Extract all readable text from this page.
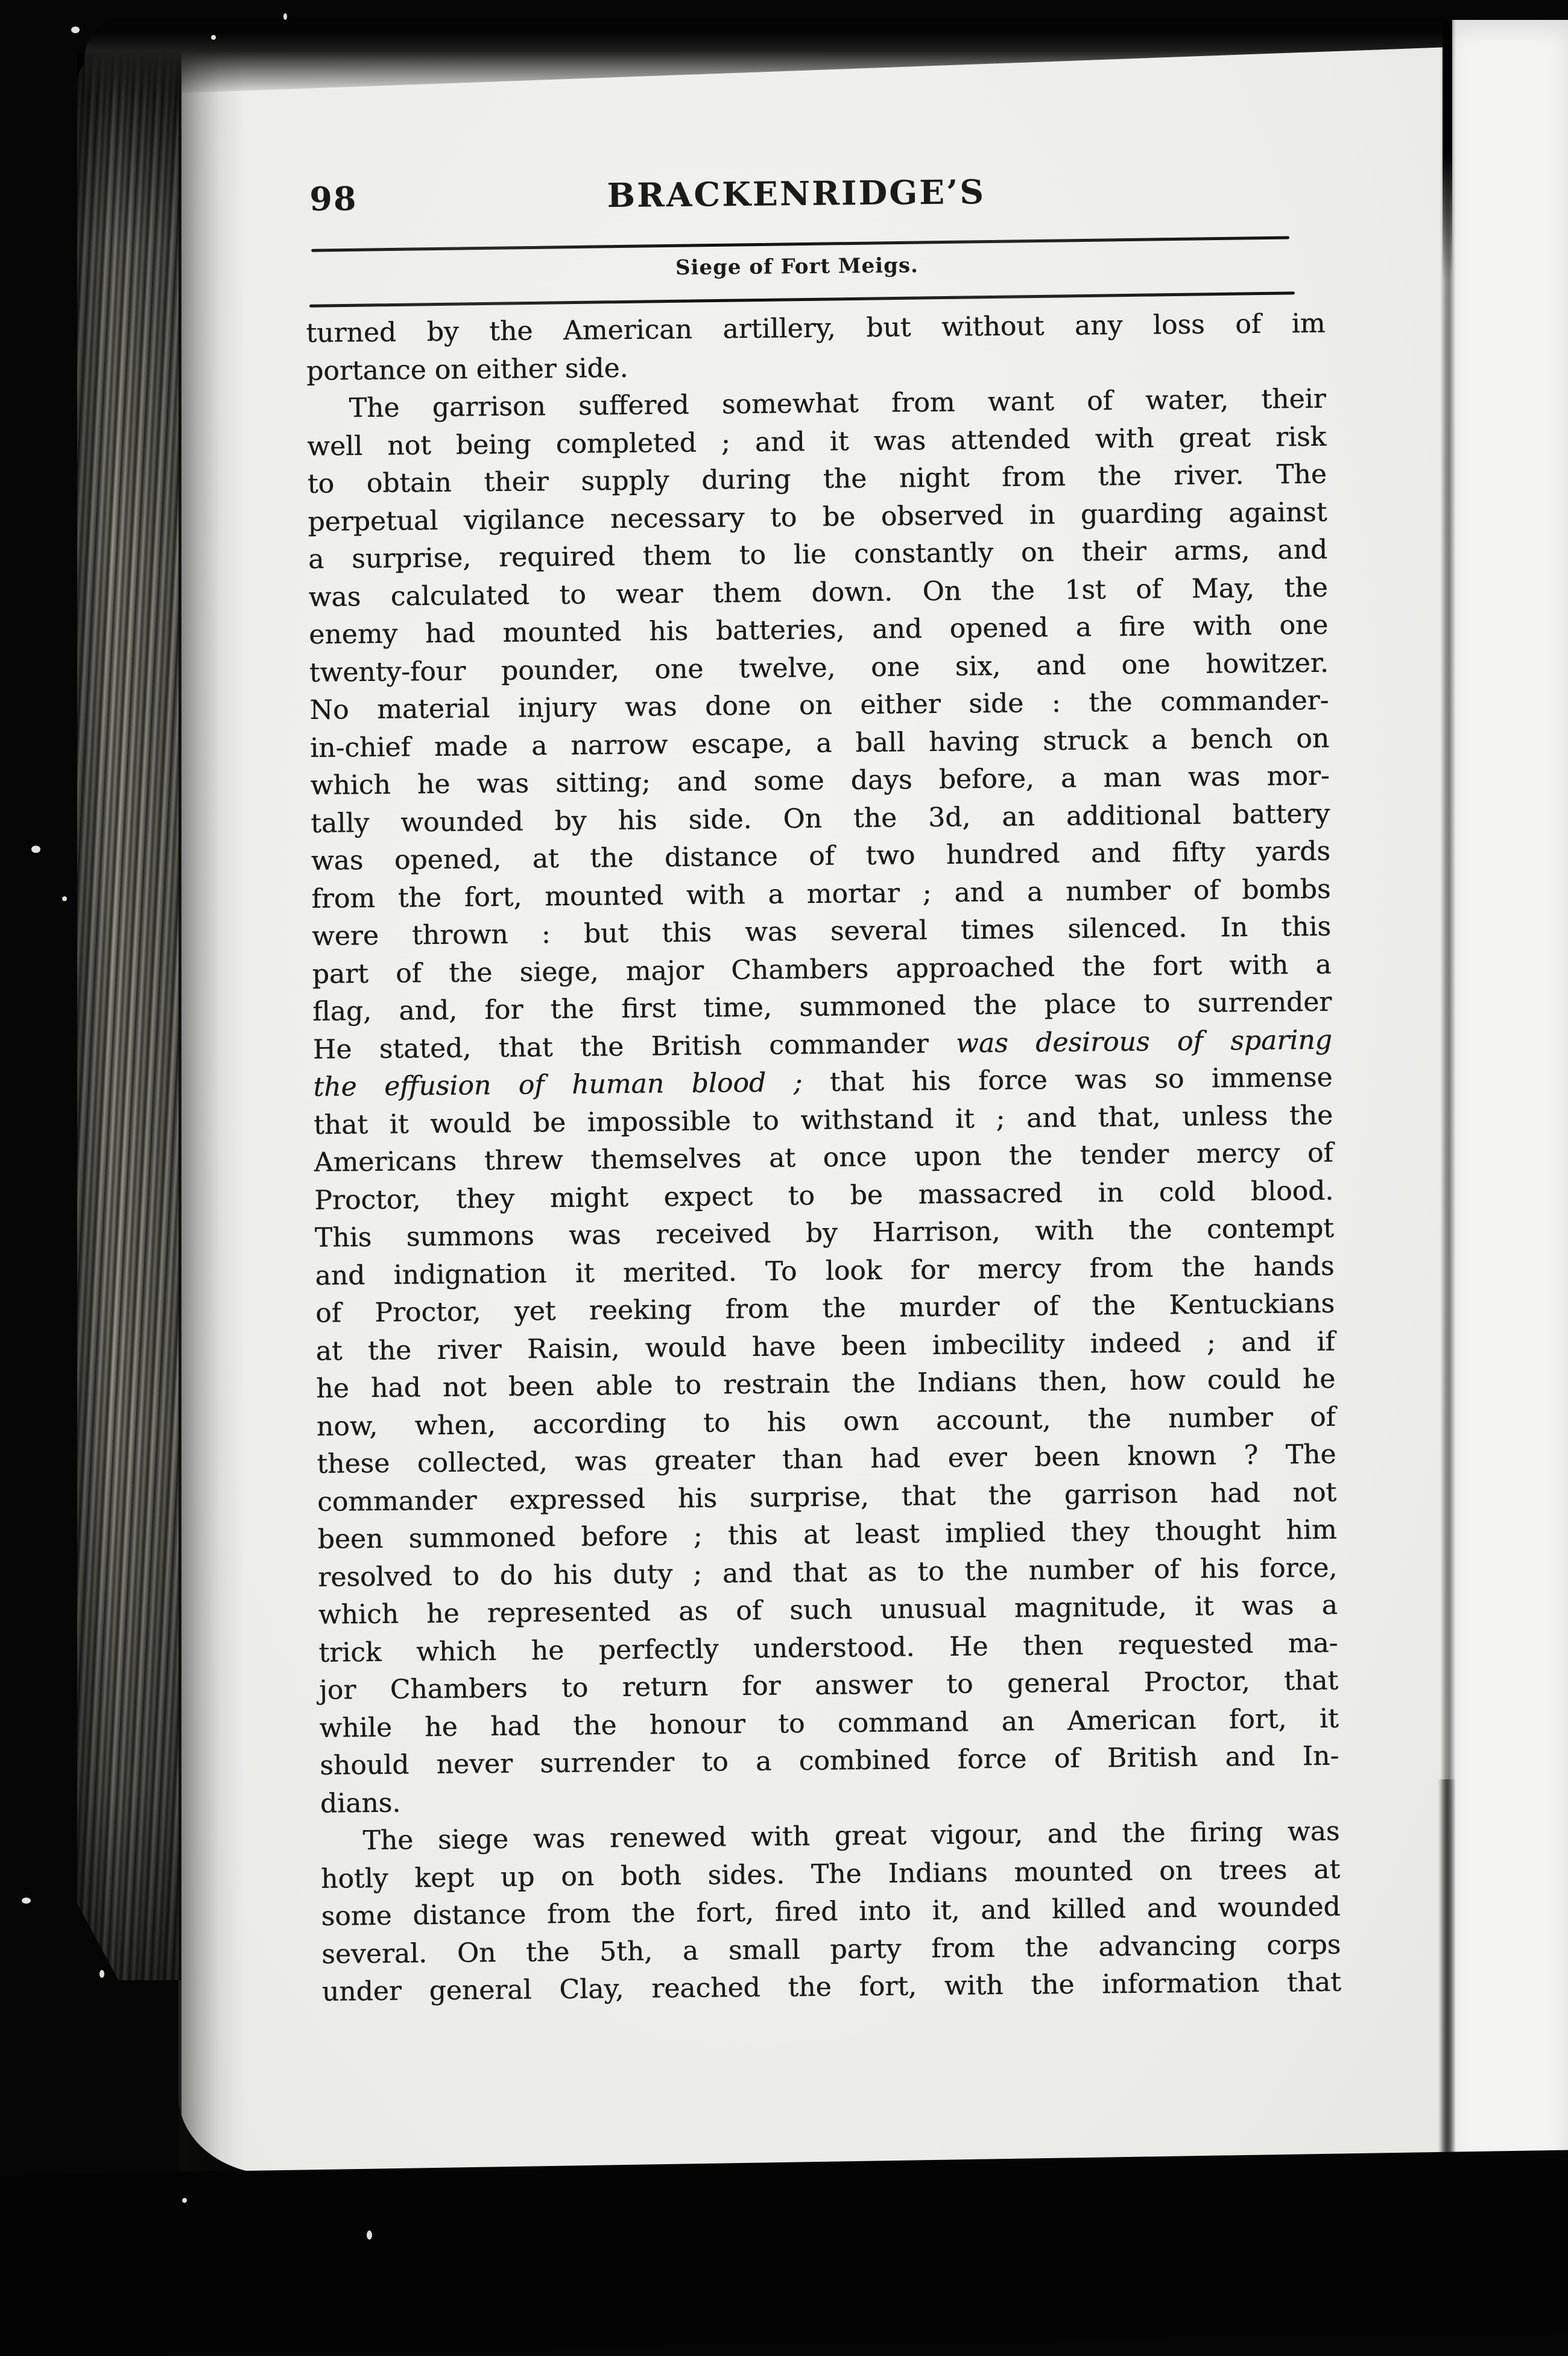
98	BRACKENRIDGE’S
Siege of Fort Meigs.
turned by the American artillery, but without any loss of im
portance on either side.
The garrison suffered somewhat from want of water, their
well not being completed ; and it was attended with great risk
to obtain their supply during the night from the river. The
perpetual vigilance necessary to be observed in guarding against
a surprise, required them to lie constantly on their arms, and
was calculated to wear them down. On the 1st of May, the
enemy had mounted his batteries, and opened a fire with one
twenty-four pounder, one twelve, one six, and one howitzer.
No material injury was done on either side : the commander-
in-chief made a narrow escape, a ball having struck a bench on
which he was sitting; and some days before, a man was mor-
tally wounded by his side. On the 3d, an additional battery
was opened, at the distance of two hundred and fifty yards
from the fort, mounted with a mortar ; and a number of bombs
were thrown : but this was several times silenced. In this
part of the siege, major Chambers approached the fort with a
flag, and, for the first time, summoned the place to surrender
He stated, that the British commander was desirous of sparing
the effusion of human blood ; that his force was so immense
that it would be impossible to withstand it ; and that, unless the
Americans threw themselves at once upon the tender mercy of
Proctor, they might expect to be massacred in cold blood.
This summons was received by Harrison, with the contempt
and indignation it merited. To look for mercy from the hands
of Proctor, yet reeking from the murder of the Kentuckians
at the river Raisin, would have been imbecility indeed ; and if
he had not been able to restrain the Indians then, how could he
now, when, according to his own account, the number of
these collected, was greater than had ever been known ? The
commander expressed his surprise, that the garrison had not
been summoned before ; this at least implied they thought him
resolved to do his duty ; and that as to the number of his force,
which he represented as of such unusual magnitude, it was a
trick which he perfectly understood. He then requested ma-
jor Chambers to return for answer to general Proctor, that
while he had the honour to command an American fort, it
should never surrender to a combined force of British and In-
dians.
The siege was renewed with great vigour, and the firing was
hotly kept up on both sides. The Indians mounted on trees at
some distance from the fort, fired into it, and killed and wounded
several. On the 5th, a small party from the advancing corps
under general Clay, reached the fort, with the information that
